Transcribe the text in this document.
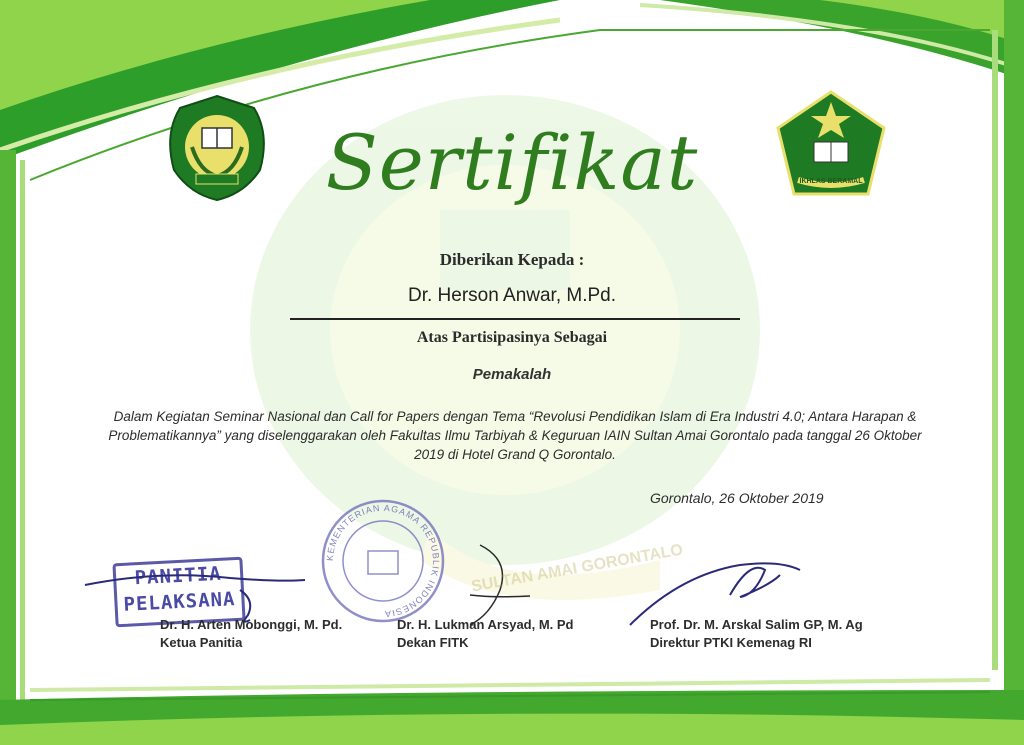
IKHLAS BERAMAL
Sertifikat
Diberikan Kepada :
Dr. Herson Anwar, M.Pd.
Atas Partisipasinya Sebagai
Pemakalah
Dalam Kegiatan Seminar Nasional dan Call for Papers dengan Tema “Revolusi Pendidikan Islam di Era Industri 4.0; Antara Harapan & Problematikannya” yang diselenggarakan oleh Fakultas Ilmu Tarbiyah & Keguruan IAIN Sultan Amai Gorontalo pada tanggal 26 Oktober 2019 di Hotel Grand Q Gorontalo.
Gorontalo, 26 Oktober 2019
KEMENTERIAN AGAMA REPUBLIK INDONESIA
PANITIA
PELAKSANA
Dr. H. Arten Mobonggi, M. Pd.
Ketua Panitia
Dr. H. Lukman Arsyad, M. Pd
Dekan FITK
Prof. Dr. M. Arskal Salim GP, M. Ag
Direktur PTKI Kemenag RI
SULTAN AMAI GORONTALO
